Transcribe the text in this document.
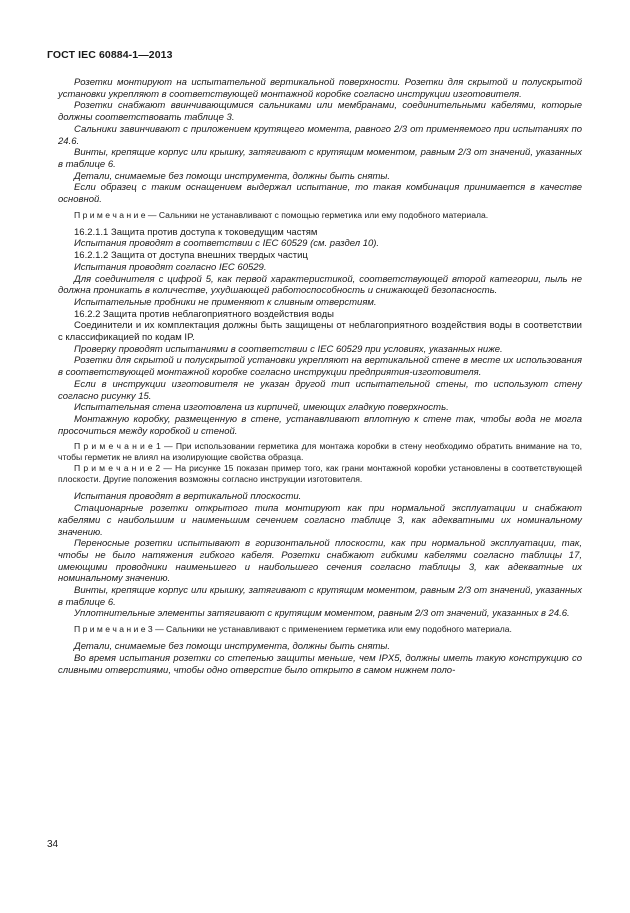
ГОСТ IEC 60884-1—2013

Розетки монтируют на испытательной вертикальной поверхности. Розетки для скрытой и полускрытой установки укрепляют в соответствующей монтажной коробке согласно инструкции изготовителя.

Розетки снабжают ввинчивающимися сальниками или мембранами, соединительными кабелями, которые должны соответствовать таблице 3.

Сальники завинчивают с приложением крутящего момента, равного 2/3 от применяемого при испытаниях по 24.6.

Винты, крепящие корпус или крышку, затягивают с крутящим моментом, равным 2/3 от значений, указанных в таблице 6.

Детали, снимаемые без помощи инструмента, должны быть сняты.

Если образец с таким оснащением выдержал испытание, то такая комбинация принимается в качестве основной.

П р и м е ч а н и е — Сальники не устанавливают с помощью герметика или ему подобного материала.

16.2.1.1 Защита против доступа к токоведущим частям

Испытания проводят в соответствии с IEC 60529 (см. раздел 10).

16.2.1.2 Защита от доступа внешних твердых частиц

Испытания проводят согласно IEC 60529.

Для соединителя с цифрой 5, как первой характеристикой, соответствующей второй категории, пыль не должна проникать в количестве, ухудшающей работоспособность и снижающей безопасность.

Испытательные пробники не применяют к сливным отверстиям.

16.2.2 Защита против неблагоприятного воздействия воды

Соединители и их комплектация должны быть защищены от неблагоприятного воздействия воды в соответствии с классификацией по кодам IP.

Проверку проводят испытаниями в соответствии с IEC 60529 при условиях, указанных ниже.

Розетки для скрытой и полускрытой установки укрепляют на вертикальной стене в месте их использования в соответствующей монтажной коробке согласно инструкции предприятия-изготовителя.

Если в инструкции изготовителя не указан другой тип испытательной стены, то используют стену согласно рисунку 15.

Испытательная стена изготовлена из кирпичей, имеющих гладкую поверхность.

Монтажную коробку, размещенную в стене, устанавливают вплотную к стене так, чтобы вода не могла просочиться между коробкой и стеной.

П р и м е ч а н и е 1 — При использовании герметика для монтажа коробки в стену необходимо обратить внимание на то, чтобы герметик не влиял на изолирующие свойства образца.

П р и м е ч а н и е 2 — На рисунке 15 показан пример того, как грани монтажной коробки установлены в соответствующей плоскости. Другие положения возможны согласно инструкции изготовителя.

Испытания проводят в вертикальной плоскости.

Стационарные розетки открытого типа монтируют как при нормальной эксплуатации и снабжают кабелями с наибольшим и наименьшим сечением согласно таблице 3, как адекватными их номинальному значению.

Переносные розетки испытывают в горизонтальной плоскости, как при нормальной эксплуатации, так, чтобы не было натяжения гибкого кабеля. Розетки снабжают гибкими кабелями согласно таблицы 17, имеющими проводники наименьшего и наибольшего сечения согласно таблицы 3, как адекватные их номинальному значению.

Винты, крепящие корпус или крышку, затягивают с крутящим моментом, равным 2/3 от значений, указанных в таблице 6.

Уплотнительные элементы затягивают с крутящим моментом, равным 2/3 от значений, указанных в 24.6.

П р и м е ч а н и е 3 — Сальники не устанавливают с применением герметика или ему подобного материала.

Детали, снимаемые без помощи инструмента, должны быть сняты.

Во время испытания розетки со степенью защиты меньше, чем IPX5, должны иметь такую конструкцию со сливными отверстиями, чтобы одно отверстие было открыто в самом нижнем поло-

34
